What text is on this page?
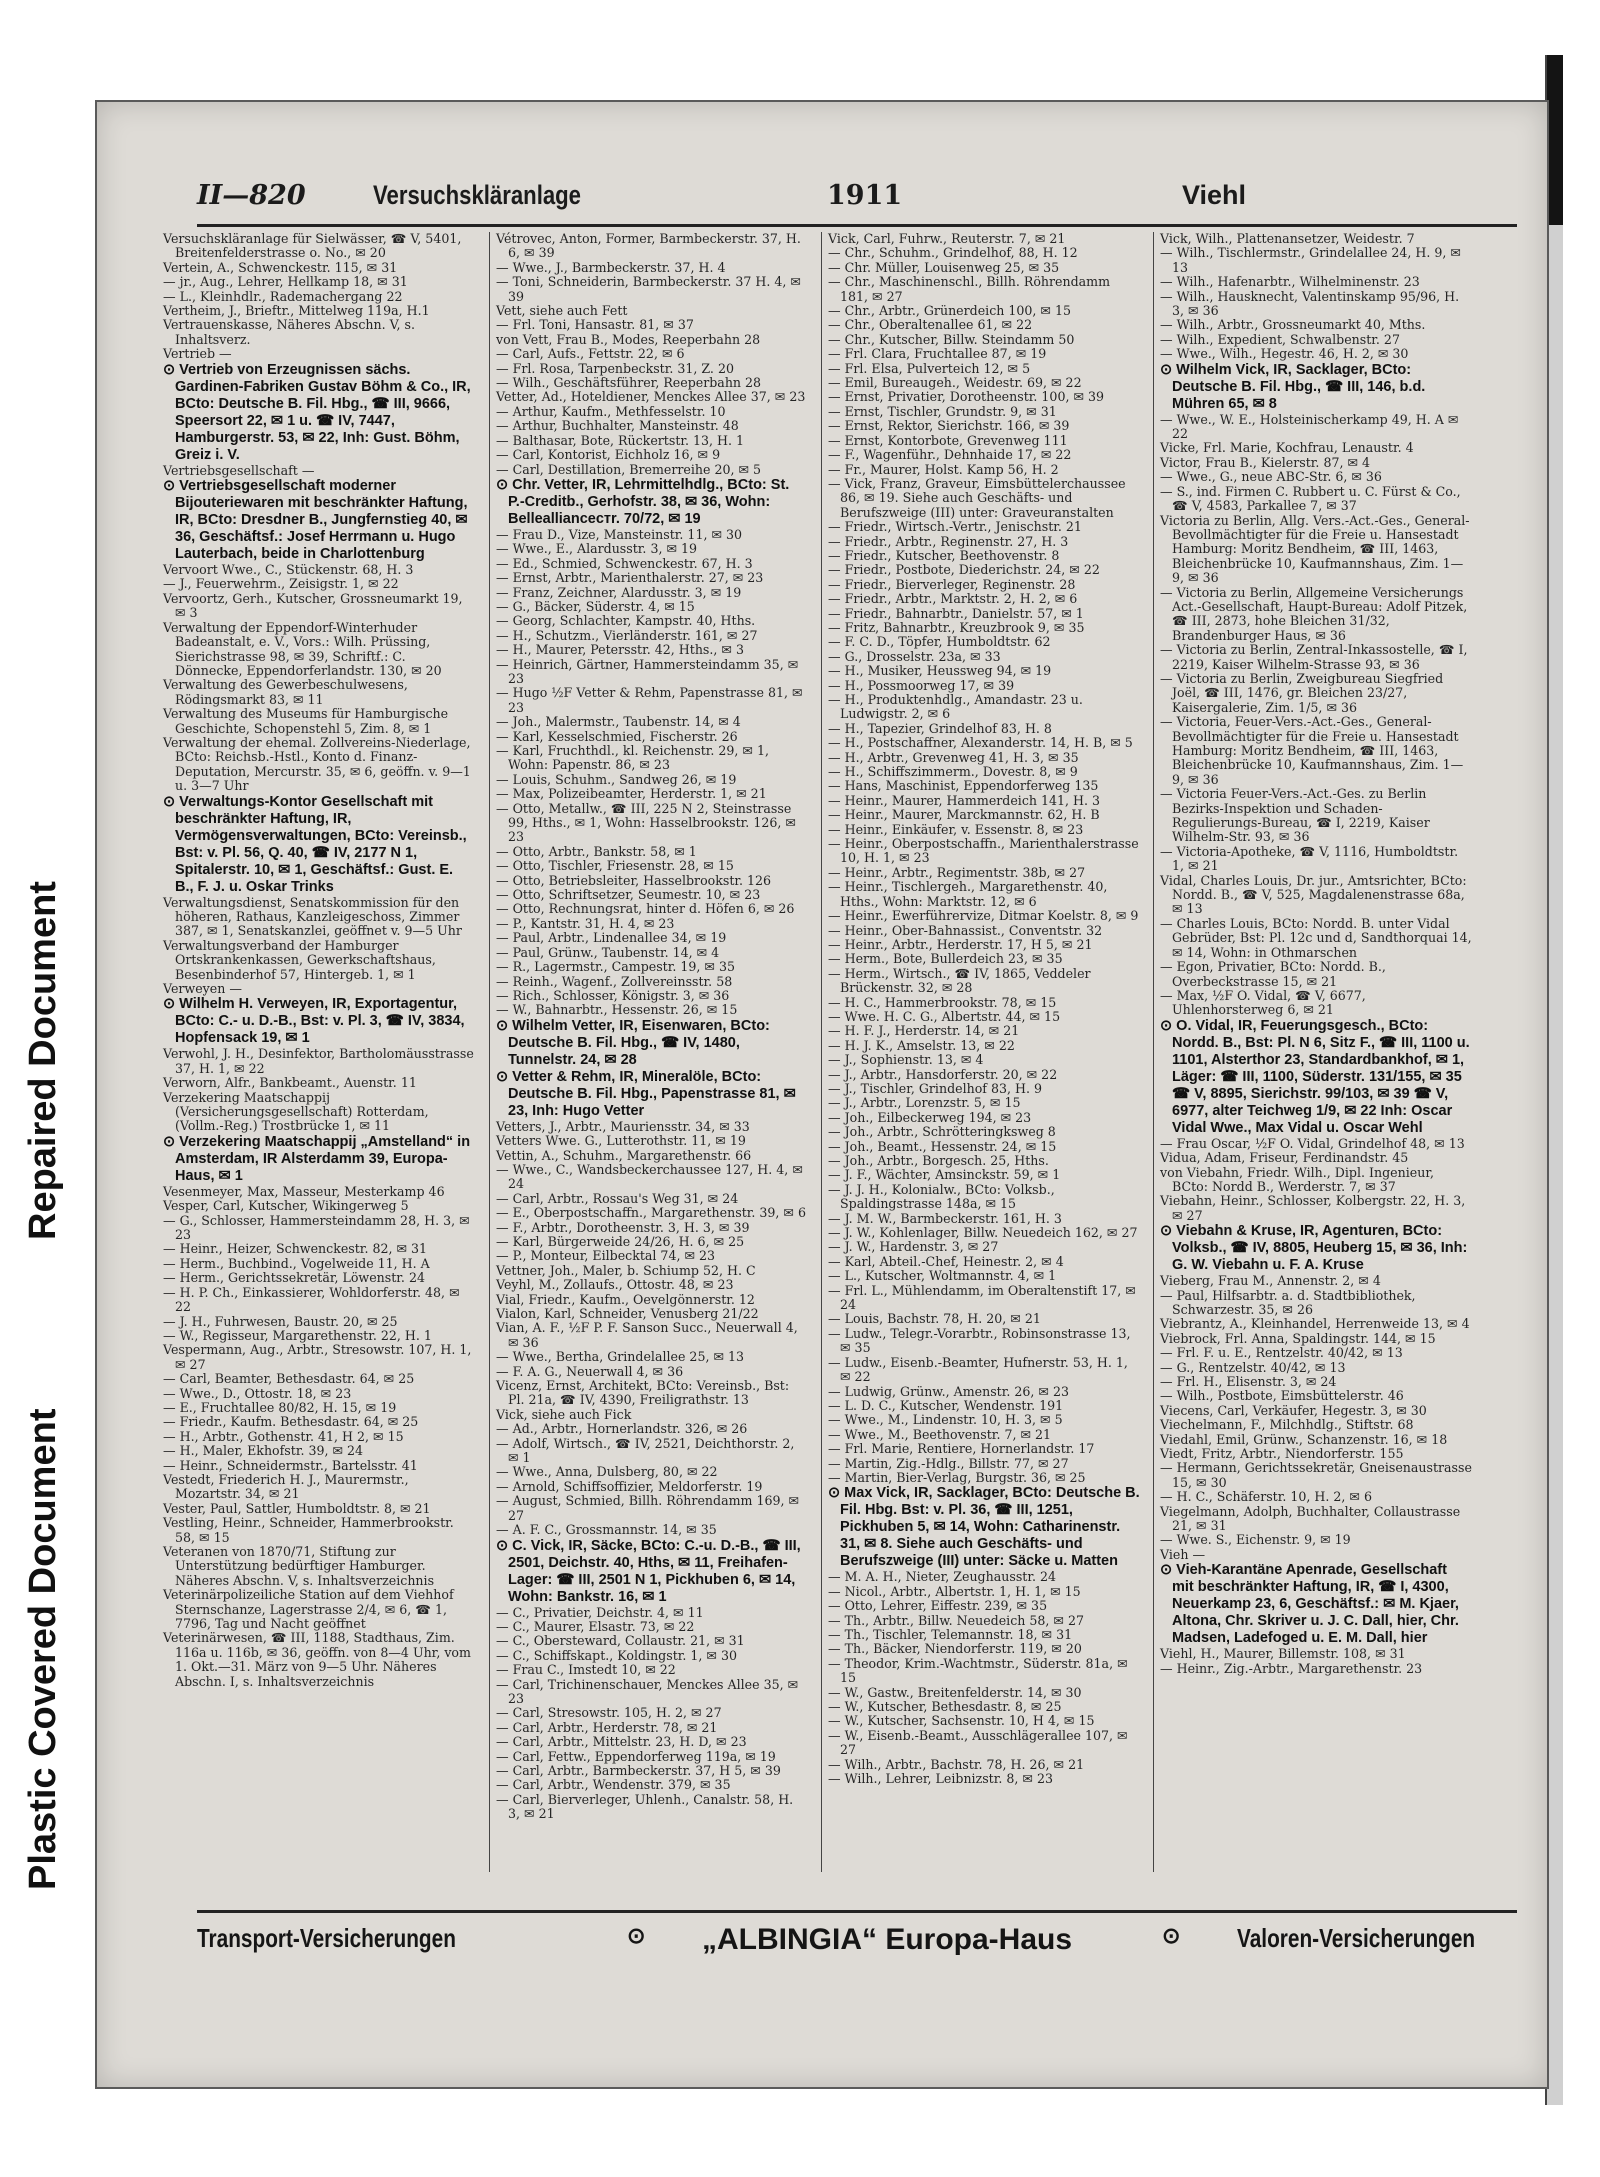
Repaired Document
Plastic Covered Document
II—820 Versuchskläranlage	1911	Viehl
Versuchskläranlage für Sielwässer, ☎ V, 5401, Breitenfelderstrasse o. No., ✉ 20
Vertein, A., Schwenckestr. 115, ✉ 31
— jr., Aug., Lehrer, Hellkamp 18, ✉ 31
— L., Kleinhdlr., Rademachergang 22
Vertheim, J., Brieftr., Mittelweg 119a, H.1
Vertrauenskasse, Näheres Abschn. V, s. Inhaltsverz.
Vertrieb —
⊙ Vertrieb von Erzeugnissen sächs. Gardinen-Fabriken Gustav Böhm & Co., IR, BCto: Deutsche B. Fil. Hbg., ☎ III, 9666, Speersort 22, ✉ 1 u. ☎ IV, 7447, Hamburgerstr. 53, ✉ 22, Inh: Gust. Böhm, Greiz i. V.
Vertriebsgesellschaft —
⊙ Vertriebsgesellschaft moderner Bijouteriewaren mit beschränkter Haftung, IR, BCto: Dresdner B., Jungfernstieg 40, ✉ 36, Geschäftsf.: Josef Herrmann u. Hugo Lauterbach, beide in Charlottenburg
Vervoort Wwe., C., Stückenstr. 68, H. 3
— J., Feuerwehrm., Zeisigstr. 1, ✉ 22
Vervoortz, Gerh., Kutscher, Grossneumarkt 19, ✉ 3
Verwaltung der Eppendorf-Winterhuder Badeanstalt, e. V., Vors.: Wilh. Prüssing, Sierichstrasse 98, ✉ 39, Schriftf.: C. Dönnecke, Eppendorferlandstr. 130, ✉ 20
Verwaltung des Gewerbeschulwesens, Rödingsmarkt 83, ✉ 11
Verwaltung des Museums für Hamburgische Geschichte, Schopenstehl 5, Zim. 8, ✉ 1
Verwaltung der ehemal. Zollvereins-Niederlage, BCto: Reichsb.-Hstl., Konto d. Finanz-Deputation, Mercurstr. 35, ✉ 6, geöffn. v. 9—1 u. 3—7 Uhr
⊙ Verwaltungs-Kontor Gesellschaft mit beschränkter Haftung, IR, Vermögensverwaltungen, BCto: Vereinsb., Bst: v. Pl. 56, Q. 40, ☎ IV, 2177 N 1, Spitalerstr. 10, ✉ 1, Geschäftsf.: Gust. E. B., F. J. u. Oskar Trinks
Verwaltungsdienst, Senatskommission für den höheren, Rathaus, Kanzleigeschoss, Zimmer 387, ✉ 1, Senatskanzlei, geöffnet v. 9—5 Uhr
Verwaltungsverband der Hamburger Ortskrankenkassen, Gewerkschaftshaus, Besenbinderhof 57, Hintergeb. 1, ✉ 1
Verweyen —
⊙ Wilhelm H. Verweyen, IR, Exportagentur, BCto: C.- u. D.-B., Bst: v. Pl. 3, ☎ IV, 3834, Hopfensack 19, ✉ 1
Verwohl, J. H., Desinfektor, Bartholomäusstrasse 37, H. 1, ✉ 22
Verworn, Alfr., Bankbeamt., Auenstr. 11
Verzekering Maatschappij (Versicherungsgesellschaft) Rotterdam, (Vollm.-Reg.) Trostbrücke 1, ✉ 11
⊙ Verzekering Maatschappij „Amstelland“ in Amsterdam, IR Alsterdamm 39, Europa-Haus, ✉ 1
Vesenmeyer, Max, Masseur, Mesterkamp 46
Vesper, Carl, Kutscher, Wikingerweg 5
— G., Schlosser, Hammersteindamm 28, H. 3, ✉ 23
— Heinr., Heizer, Schwenckestr. 82, ✉ 31
— Herm., Buchbind., Vogelweide 11, H. A
— Herm., Gerichtssekretär, Löwenstr. 24
— H. P. Ch., Einkassierer, Wohldorferstr. 48, ✉ 22
— J. H., Fuhrwesen, Baustr. 20, ✉ 25
— W., Regisseur, Margarethenstr. 22, H. 1
Vespermann, Aug., Arbtr., Stresowstr. 107, H. 1, ✉ 27
— Carl, Beamter, Bethesdastr. 64, ✉ 25
— Wwe., D., Ottostr. 18, ✉ 23
— E., Fruchtallee 80/82, H. 15, ✉ 19
— Friedr., Kaufm. Bethesdastr. 64, ✉ 25
— H., Arbtr., Gothenstr. 41, H 2, ✉ 15
— H., Maler, Ekhofstr. 39, ✉ 24
— Heinr., Schneidermstr., Bartelsstr. 41
Vestedt, Friederich H. J., Maurermstr., Mozartstr. 34, ✉ 21
Vester, Paul, Sattler, Humboldtstr. 8, ✉ 21
Vestling, Heinr., Schneider, Hammerbrookstr. 58, ✉ 15
Veteranen von 1870/71, Stiftung zur Unterstützung bedürftiger Hamburger. Näheres Abschn. V, s. Inhaltsverzeichnis
Veterinärpolizeiliche Station auf dem Viehhof Sternschanze, Lagerstrasse 2/4, ✉ 6, ☎ 1, 7796, Tag und Nacht geöffnet
Veterinärwesen, ☎ III, 1188, Stadthaus, Zim. 116a u. 116b, ✉ 36, geöffn. von 8—4 Uhr, vom 1. Okt.—31. März von 9—5 Uhr. Näheres Abschn. I, s. Inhaltsverzeichnis
Vétrovec, Anton, Former, Barmbeckerstr. 37, H. 6, ✉ 39
— Wwe., J., Barmbeckerstr. 37, H. 4
— Toni, Schneiderin, Barmbeckerstr. 37 H. 4, ✉ 39
Vett, siehe auch Fett
— Frl. Toni, Hansastr. 81, ✉ 37
von Vett, Frau B., Modes, Reeperbahn 28
— Carl, Aufs., Fettstr. 22, ✉ 6
— Frl. Rosa, Tarpenbeckstr. 31, Z. 20
— Wilh., Geschäftsführer, Reeperbahn 28
Vetter, Ad., Hoteldiener, Menckes Allee 37, ✉ 23
— Arthur, Kaufm., Methfesselstr. 10
— Arthur, Buchhalter, Mansteinstr. 48
— Balthasar, Bote, Rückertstr. 13, H. 1
— Carl, Kontorist, Eichholz 16, ✉ 9
— Carl, Destillation, Bremerreihe 20, ✉ 5
⊙ Chr. Vetter, IR, Lehrmittelhdlg., BCto: St. P.-Creditb., Gerhofstr. 38, ✉ 36, Wohn: Belleallianceстr. 70/72, ✉ 19
— Frau D., Vize, Mansteinstr. 11, ✉ 30
— Wwe., E., Alardusstr. 3, ✉ 19
— Ed., Schmied, Schwenckestr. 67, H. 3
— Ernst, Arbtr., Marienthalerstr. 27, ✉ 23
— Franz, Zeichner, Alardusstr. 3, ✉ 19
— G., Bäcker, Süderstr. 4, ✉ 15
— Georg, Schlachter, Kampstr. 40, Hths.
— H., Schutzm., Vierländerstr. 161, ✉ 27
— H., Maurer, Petersstr. 42, Hths., ✉ 3
— Heinrich, Gärtner, Hammersteindamm 35, ✉ 23
— Hugo ½F Vetter & Rehm, Papenstrasse 81, ✉ 23
— Joh., Malermstr., Taubenstr. 14, ✉ 4
— Karl, Kesselschmied, Fischerstr. 26
— Karl, Fruchthdl., kl. Reichenstr. 29, ✉ 1, Wohn: Papenstr. 86, ✉ 23
— Louis, Schuhm., Sandweg 26, ✉ 19
— Max, Polizeibeamter, Herderstr. 1, ✉ 21
— Otto, Metallw., ☎ III, 225 N 2, Steinstrasse 99, Hths., ✉ 1, Wohn: Hasselbrookstr. 126, ✉ 23
— Otto, Arbtr., Bankstr. 58, ✉ 1
— Otto, Tischler, Friesenstr. 28, ✉ 15
— Otto, Betriebsleiter, Hasselbrookstr. 126
— Otto, Schriftsetzer, Seumestr. 10, ✉ 23
— Otto, Rechnungsrat, hinter d. Höfen 6, ✉ 26
— P., Kantstr. 31, H. 4, ✉ 23
— Paul, Arbtr., Lindenallee 34, ✉ 19
— Paul, Grünw., Taubenstr. 14, ✉ 4
— R., Lagermstr., Campestr. 19, ✉ 35
— Reinh., Wagenf., Zollvereinsstr. 58
— Rich., Schlosser, Königstr. 3, ✉ 36
— W., Bahnarbtr., Hessenstr. 26, ✉ 15
⊙ Wilhelm Vetter, IR, Eisenwaren, BCto: Deutsche B. Fil. Hbg., ☎ IV, 1480, Tunnelstr. 24, ✉ 28
⊙ Vetter & Rehm, IR, Mineralöle, BCto: Deutsche B. Fil. Hbg., Papenstrasse 81, ✉ 23, Inh: Hugo Vetter
Vetters, J., Arbtr., Mauriensstr. 34, ✉ 33
Vetters Wwe. G., Lutterothstr. 11, ✉ 19
Vettin, A., Schuhm., Margarethenstr. 66
— Wwe., C., Wandsbeckerchaussee 127, H. 4, ✉ 24
— Carl, Arbtr., Rossau's Weg 31, ✉ 24
— E., Oberpostschaffn., Margarethenstr. 39, ✉ 6
— F., Arbtr., Dorotheenstr. 3, H. 3, ✉ 39
— Karl, Bürgerweide 24/26, H. 6, ✉ 25
— P., Monteur, Eilbecktal 74, ✉ 23
Vettner, Joh., Maler, b. Schiump 52, H. C
Veyhl, M., Zollaufs., Ottostr. 48, ✉ 23
Vial, Friedr., Kaufm., Oevelgönnerstr. 12
Vialon, Karl, Schneider, Venusberg 21/22
Vian, A. F., ½F P. F. Sanson Succ., Neuerwall 4, ✉ 36
— Wwe., Bertha, Grindelallee 25, ✉ 13
— F. A. G., Neuerwall 4, ✉ 36
Vicenz, Ernst, Architekt, BCto: Vereinsb., Bst: Pl. 21a, ☎ IV, 4390, Freiligrathstr. 13
Vick, siehe auch Fick
— Ad., Arbtr., Hornerlandstr. 326, ✉ 26
— Adolf, Wirtsch., ☎ IV, 2521, Deichthorstr. 2, ✉ 1
— Wwe., Anna, Dulsberg, 80, ✉ 22
— Arnold, Schiffsoffizier, Meldorferstr. 19
— August, Schmied, Billh. Röhrendamm 169, ✉ 27
— A. F. C., Grossmannstr. 14, ✉ 35
⊙ C. Vick, IR, Säcke, BCto: C.-u. D.-B., ☎ III, 2501, Deichstr. 40, Hths, ✉ 11, Freihafen-Lager: ☎ III, 2501 N 1, Pickhuben 6, ✉ 14, Wohn: Bankstr. 16, ✉ 1
— C., Privatier, Deichstr. 4, ✉ 11
— C., Maurer, Elsastr. 73, ✉ 22
— C., Obersteward, Collaustr. 21, ✉ 31
— C., Schiffskapt., Koldingstr. 1, ✉ 30
— Frau C., Imstedt 10, ✉ 22
— Carl, Trichinenschauer, Menckes Allee 35, ✉ 23
— Carl, Stresowstr. 105, H. 2, ✉ 27
— Carl, Arbtr., Herderstr. 78, ✉ 21
— Carl, Arbtr., Mittelstr. 23, H. D, ✉ 23
— Carl, Fettw., Eppendorferweg 119a, ✉ 19
— Carl, Arbtr., Barmbeckerstr. 37, H 5, ✉ 39
— Carl, Arbtr., Wendenstr. 379, ✉ 35
— Carl, Bierverleger, Uhlenh., Canalstr. 58, H. 3, ✉ 21
Vick, Carl, Fuhrw., Reuterstr. 7, ✉ 21
— Chr., Schuhm., Grindelhof, 88, H. 12
— Chr. Müller, Louisenweg 25, ✉ 35
— Chr., Maschinenschl., Billh. Röhrendamm 181, ✉ 27
— Chr., Arbtr., Grünerdeich 100, ✉ 15
— Chr., Oberaltenallee 61, ✉ 22
— Chr., Kutscher, Billw. Steindamm 50
— Frl. Clara, Fruchtallee 87, ✉ 19
— Frl. Elsa, Pulverteich 12, ✉ 5
— Emil, Bureaugeh., Weidestr. 69, ✉ 22
— Ernst, Privatier, Dorotheenstr. 100, ✉ 39
— Ernst, Tischler, Grundstr. 9, ✉ 31
— Ernst, Rektor, Sierichstr. 166, ✉ 39
— Ernst, Kontorbote, Grevenweg 111
— F., Wagenführ., Dehnhaide 17, ✉ 22
— Fr., Maurer, Holst. Kamp 56, H. 2
— Vick, Franz, Graveur, Eimsbüttelerchaussee 86, ✉ 19. Siehe auch Geschäfts- und Berufszweige (III) unter: Graveuranstalten
— Friedr., Wirtsch.-Vertr., Jenischstr. 21
— Friedr., Arbtr., Reginenstr. 27, H. 3
— Friedr., Kutscher, Beethovenstr. 8
— Friedr., Postbote, Diederichstr. 24, ✉ 22
— Friedr., Bierverleger, Reginenstr. 28
— Friedr., Arbtr., Marktstr. 2, H. 2, ✉ 6
— Friedr., Bahnarbtr., Danielstr. 57, ✉ 1
— Fritz, Bahnarbtr., Kreuzbrook 9, ✉ 35
— F. C. D., Töpfer, Humboldtstr. 62
— G., Drosselstr. 23a, ✉ 33
— H., Musiker, Heussweg 94, ✉ 19
— H., Possmoorweg 17, ✉ 39
— H., Produktenhdlg., Amandastr. 23 u. Ludwigstr. 2, ✉ 6
— H., Tapezier, Grindelhof 83, H. 8
— H., Postschaffner, Alexanderstr. 14, H. B, ✉ 5
— H., Arbtr., Grevenweg 41, H. 3, ✉ 35
— H., Schiffszimmerm., Dovestr. 8, ✉ 9
— Hans, Maschinist, Eppendorferweg 135
— Heinr., Maurer, Hammerdeich 141, H. 3
— Heinr., Maurer, Marckmannstr. 62, H. B
— Heinr., Einkäufer, v. Essenstr. 8, ✉ 23
— Heinr., Oberpostschaffn., Marienthalerstrasse 10, H. 1, ✉ 23
— Heinr., Arbtr., Regimentstr. 38b, ✉ 27
— Heinr., Tischlergeh., Margarethenstr. 40, Hths., Wohn: Marktstr. 12, ✉ 6
— Heinr., Ewerführervize, Ditmar Koelstr. 8, ✉ 9
— Heinr., Ober-Bahnassist., Conventstr. 32
— Heinr., Arbtr., Herderstr. 17, H 5, ✉ 21
— Herm., Bote, Bullerdeich 23, ✉ 35
— Herm., Wirtsch., ☎ IV, 1865, Veddeler Brückenstr. 32, ✉ 28
— H. C., Hammerbrookstr. 78, ✉ 15
— Wwe. H. C. G., Albertstr. 44, ✉ 15
— H. F. J., Herderstr. 14, ✉ 21
— H. J. K., Amselstr. 13, ✉ 22
— J., Sophienstr. 13, ✉ 4
— J., Arbtr., Hansdorferstr. 20, ✉ 22
— J., Tischler, Grindelhof 83, H. 9
— J., Arbtr., Lorenzstr. 5, ✉ 15
— Joh., Eilbeckerweg 194, ✉ 23
— Joh., Arbtr., Schrötteringksweg 8
— Joh., Beamt., Hessenstr. 24, ✉ 15
— Joh., Arbtr., Borgesch. 25, Hths.
— J. F., Wächter, Amsinckstr. 59, ✉ 1
— J. J. H., Kolonialw., BCto: Volksb., Spaldingstrasse 148a, ✉ 15
— J. M. W., Barmbeckerstr. 161, H. 3
— J. W., Kohlenlager, Billw. Neuedeich 162, ✉ 27
— J. W., Hardenstr. 3, ✉ 27
— Karl, Abteil.-Chef, Heinestr. 2, ✉ 4
— L., Kutscher, Woltmannstr. 4, ✉ 1
— Frl. L., Mühlendamm, im Oberaltenstift 17, ✉ 24
— Louis, Bachstr. 78, H. 20, ✉ 21
— Ludw., Telegr.-Vorarbtr., Robinsonstrasse 13, ✉ 35
— Ludw., Eisenb.-Beamter, Hufnerstr. 53, H. 1, ✉ 22
— Ludwig, Grünw., Amenstr. 26, ✉ 23
— L. D. C., Kutscher, Wendenstr. 191
— Wwe., M., Lindenstr. 10, H. 3, ✉ 5
— Wwe., M., Beethovenstr. 7, ✉ 21
— Frl. Marie, Rentiere, Hornerlandstr. 17
— Martin, Zig.-Hdlg., Billstr. 77, ✉ 27
— Martin, Bier-Verlag, Burgstr. 36, ✉ 25
⊙ Max Vick, IR, Sacklager, BCto: Deutsche B. Fil. Hbg. Bst: v. Pl. 36, ☎ III, 1251, Pickhuben 5, ✉ 14, Wohn: Catharinenstr. 31, ✉ 8. Siehe auch Geschäfts- und Berufszweige (III) unter: Säcke u. Matten
— M. A. H., Nieter, Zeughausstr. 24
— Nicol., Arbtr., Albertstr. 1, H. 1, ✉ 15
— Otto, Lehrer, Eiffestr. 239, ✉ 35
— Th., Arbtr., Billw. Neuedeich 58, ✉ 27
— Th., Tischler, Telemannstr. 18, ✉ 31
— Th., Bäcker, Niendorferstr. 119, ✉ 20
— Theodor, Krim.-Wachtmstr., Süderstr. 81a, ✉ 15
— W., Gastw., Breitenfelderstr. 14, ✉ 30
— W., Kutscher, Bethesdastr. 8, ✉ 25
— W., Kutscher, Sachsenstr. 10, H 4, ✉ 15
— W., Eisenb.-Beamt., Ausschlägerallee 107, ✉ 27
— Wilh., Arbtr., Bachstr. 78, H. 26, ✉ 21
— Wilh., Lehrer, Leibnizstr. 8, ✉ 23
Vick, Wilh., Plattenansetzer, Weidestr. 7
— Wilh., Tischlermstr., Grindelallee 24, H. 9, ✉ 13
— Wilh., Hafenarbtr., Wilhelminenstr. 23
— Wilh., Hausknecht, Valentinskamp 95/96, H. 3, ✉ 36
— Wilh., Arbtr., Grossneumarkt 40, Mths.
— Wilh., Expedient, Schwalbenstr. 27
— Wwe., Wilh., Hegestr. 46, H. 2, ✉ 30
⊙ Wilhelm Vick, IR, Sacklager, BCto: Deutsche B. Fil. Hbg., ☎ III, 146, b.d. Mühren 65, ✉ 8
— Wwe., W. E., Holsteinischerkamp 49, H. A ✉ 22
Vicke, Frl. Marie, Kochfrau, Lenaustr. 4
Victor, Frau B., Kielerstr. 87, ✉ 4
— Wwe., G., neue ABC-Str. 6, ✉ 36
— S., ind. Firmen C. Rubbert u. C. Fürst & Co., ☎ V, 4583, Parkallee 7, ✉ 37
Victoria zu Berlin, Allg. Vers.-Act.-Ges., General-Bevollmächtigter für die Freie u. Hansestadt Hamburg: Moritz Bendheim, ☎ III, 1463, Bleichenbrücke 10, Kaufmannshaus, Zim. 1—9, ✉ 36
— Victoria zu Berlin, Allgemeine Versicherungs Act.-Gesellschaft, Haupt-Bureau: Adolf Pitzek, ☎ III, 2873, hohe Bleichen 31/32, Brandenburger Haus, ✉ 36
— Victoria zu Berlin, Zentral-Inkassostelle, ☎ I, 2219, Kaiser Wilhelm-Strasse 93, ✉ 36
— Victoria zu Berlin, Zweigbureau Siegfried Joël, ☎ III, 1476, gr. Bleichen 23/27, Kaisergalerie, Zim. 1/5, ✉ 36
— Victoria, Feuer-Vers.-Act.-Ges., General-Bevollmächtigter für die Freie u. Hansestadt Hamburg: Moritz Bendheim, ☎ III, 1463, Bleichenbrücke 10, Kaufmannshaus, Zim. 1—9, ✉ 36
— Victoria Feuer-Vers.-Act.-Ges. zu Berlin Bezirks-Inspektion und Schaden-Regulierungs-Bureau, ☎ I, 2219, Kaiser Wilhelm-Str. 93, ✉ 36
— Victoria-Apotheke, ☎ V, 1116, Humboldtstr. 1, ✉ 21
Vidal, Charles Louis, Dr. jur., Amtsrichter, BCto: Nordd. B., ☎ V, 525, Magdalenenstrasse 68a, ✉ 13
— Charles Louis, BCto: Nordd. B. unter Vidal Gebrüder, Bst: Pl. 12c und d, Sandthorquai 14, ✉ 14, Wohn: in Othmarschen
— Egon, Privatier, BCto: Nordd. B., Overbeckstrasse 15, ✉ 21
— Max, ½F O. Vidal, ☎ V, 6677, Uhlenhorsterweg 6, ✉ 21
⊙ O. Vidal, IR, Feuerungsgesch., BCto: Nordd. B., Bst: Pl. N 6, Sitz F., ☎ III, 1100 u. 1101, Alsterthor 23, Standardbankhof, ✉ 1, Läger: ☎ III, 1100, Süderstr. 131/155, ✉ 35 ☎ V, 8895, Sierichstr. 99/103, ✉ 39 ☎ V, 6977, alter Teichweg 1/9, ✉ 22 Inh: Oscar Vidal Wwe., Max Vidal u. Oscar Wehl
— Frau Oscar, ½F O. Vidal, Grindelhof 48, ✉ 13
Vidua, Adam, Friseur, Ferdinandstr. 45
von Viebahn, Friedr. Wilh., Dipl. Ingenieur, BCto: Nordd B., Werderstr. 7, ✉ 37
Viebahn, Heinr., Schlosser, Kolbergstr. 22, H. 3, ✉ 27
⊙ Viebahn & Kruse, IR, Agenturen, BCto: Volksb., ☎ IV, 8805, Heuberg 15, ✉ 36, Inh: G. W. Viebahn u. F. A. Kruse
Vieberg, Frau M., Annenstr. 2, ✉ 4
— Paul, Hilfsarbtr. a. d. Stadtbibliothek, Schwarzestr. 35, ✉ 26
Viebrantz, A., Kleinhandel, Herrenweide 13, ✉ 4
Viebrock, Frl. Anna, Spaldingstr. 144, ✉ 15
— Frl. F. u. E., Rentzelstr. 40/42, ✉ 13
— G., Rentzelstr. 40/42, ✉ 13
— Frl. H., Elisenstr. 3, ✉ 24
— Wilh., Postbote, Eimsbüttelerstr. 46
Viecens, Carl, Verkäufer, Hegestr. 3, ✉ 30
Viechelmann, F., Milchhdlg., Stiftstr. 68
Viedahl, Emil, Grünw., Schanzenstr. 16, ✉ 18
Viedt, Fritz, Arbtr., Niendorferstr. 155
— Hermann, Gerichtssekretär, Gneisenaustrasse 15, ✉ 30
— H. C., Schäferstr. 10, H. 2, ✉ 6
Viegelmann, Adolph, Buchhalter, Collaustrasse 21, ✉ 31
— Wwe. S., Eichenstr. 9, ✉ 19
Vieh —
⊙ Vieh-Karantäne Apenrade, Gesellschaft mit beschränkter Haftung, IR, ☎ I, 4300, Neuerkamp 23, 6, Geschäftsf.: ✉ M. Kjaer, Altona, Chr. Skriver u. J. C. Dall, hier, Chr. Madsen, Ladefoged u. E. M. Dall, hier
Viehl, H., Maurer, Billemstr. 108, ✉ 31
— Heinr., Zig.-Arbtr., Margarethenstr. 23
Transport-Versicherungen	⊙ „ALBINGIA“ Europa-Haus	⊙ Valoren-Versicherungen
